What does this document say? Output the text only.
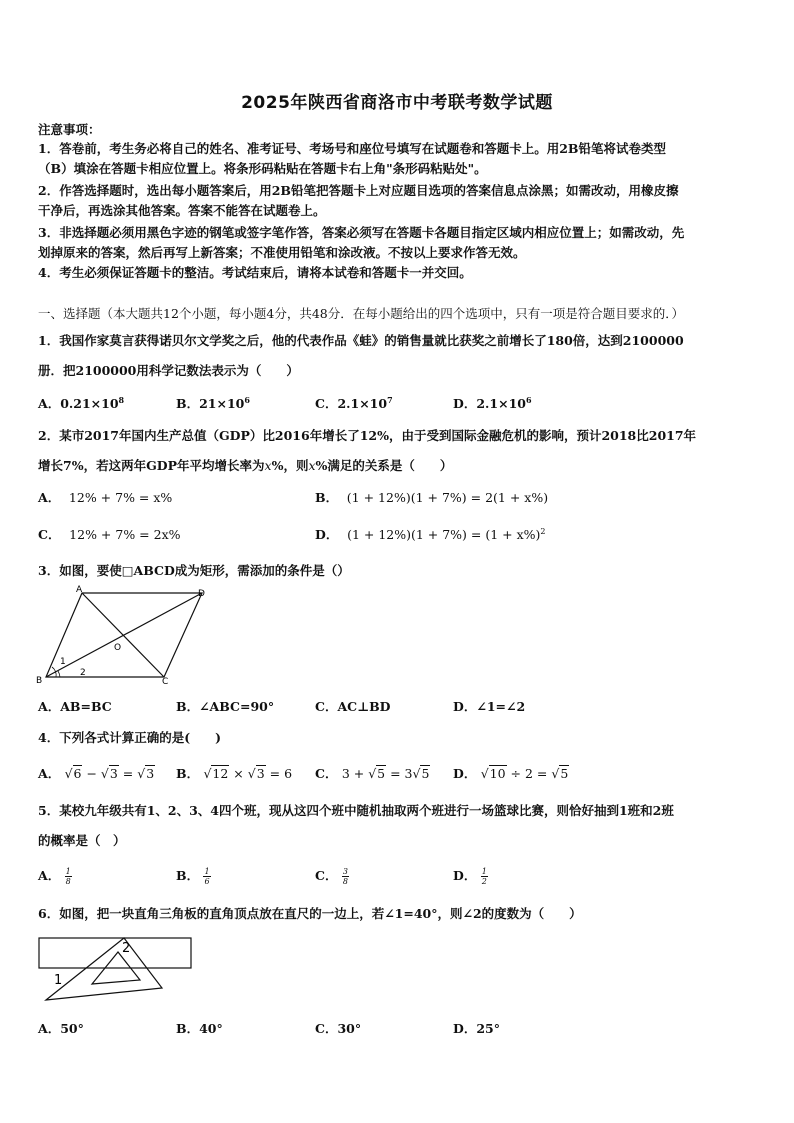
2025年陕西省商洛市中考联考数学试题
注意事项：
1．答卷前，考生务必将自己的姓名、准考证号、考场号和座位号填写在试题卷和答题卡上。用2B铅笔将试卷类型
（B）填涂在答题卡相应位置上。将条形码粘贴在答题卡右上角"条形码粘贴处"。
2．作答选择题时，选出每小题答案后，用2B铅笔把答题卡上对应题目选项的答案信息点涂黑；如需改动，用橡皮擦
干净后，再选涂其他答案。答案不能答在试题卷上。
3．非选择题必须用黑色字迹的钢笔或签字笔作答，答案必须写在答题卡各题目指定区域内相应位置上；如需改动，先
划掉原来的答案，然后再写上新答案；不准使用铅笔和涂改液。不按以上要求作答无效。
4．考生必须保证答题卡的整洁。考试结束后，请将本试卷和答题卡一并交回。
一、选择题（本大题共12个小题，每小题4分，共48分．在每小题给出的四个选项中，只有一项是符合题目要求的．）
1．我国作家莫言获得诺贝尔文学奖之后，他的代表作品《蛙》的销售量就比获奖之前增长了180倍，达到2100000
册．把2100000用科学记数法表示为（　　）
A．$0.21\times 10^8$	B．$21\times 10^6$	C．$2.1\times 10^7$	D．$2.1\times 10^6$
2．某市2017年国内生产总值（GDP）比2016年增长了12%，由于受到国际金融危机的影响，预计2018比2017年
增长7%，若这两年GDP年平均增长率为x%，则x%满足的关系是（　　）
A． 12% + 7% = x%	B． (1 + 12%)(1 + 7%) = 2(1 + x%)
C． 12% + 7% = 2x%	D． $(1 + 12\%)(1 + 7\%) = (1 + x\%)^2$
3．如图，要使□ABCD成为矩形，需添加的条件是（）
A	D
B	C
O
1
2
A．AB=BC	B．∠ABC=90°	C．AC⊥BD	D．∠1=∠2
4．下列各式计算正确的是(　　)
A． √6 − √3 = √3 B． √12 × √3 = 6 C． 3 + √5 = 3√5 D． √10 ÷ 2 = √5
5．某校九年级共有1、2、3、4四个班，现从这四个班中随机抽取两个班进行一场篮球比赛，则恰好抽到1班和2班
的概率是（　）
A． $\frac{1}{8}$	B． $\frac{1}{6}$	C． $\frac{3}{8}$	D． $\frac{1}{2}$
6．如图，把一块直角三角板的直角顶点放在直尺的一边上，若∠1=40°，则∠2的度数为（　　）
2
1
A．50°	B．40°	C．30°	D．25°
